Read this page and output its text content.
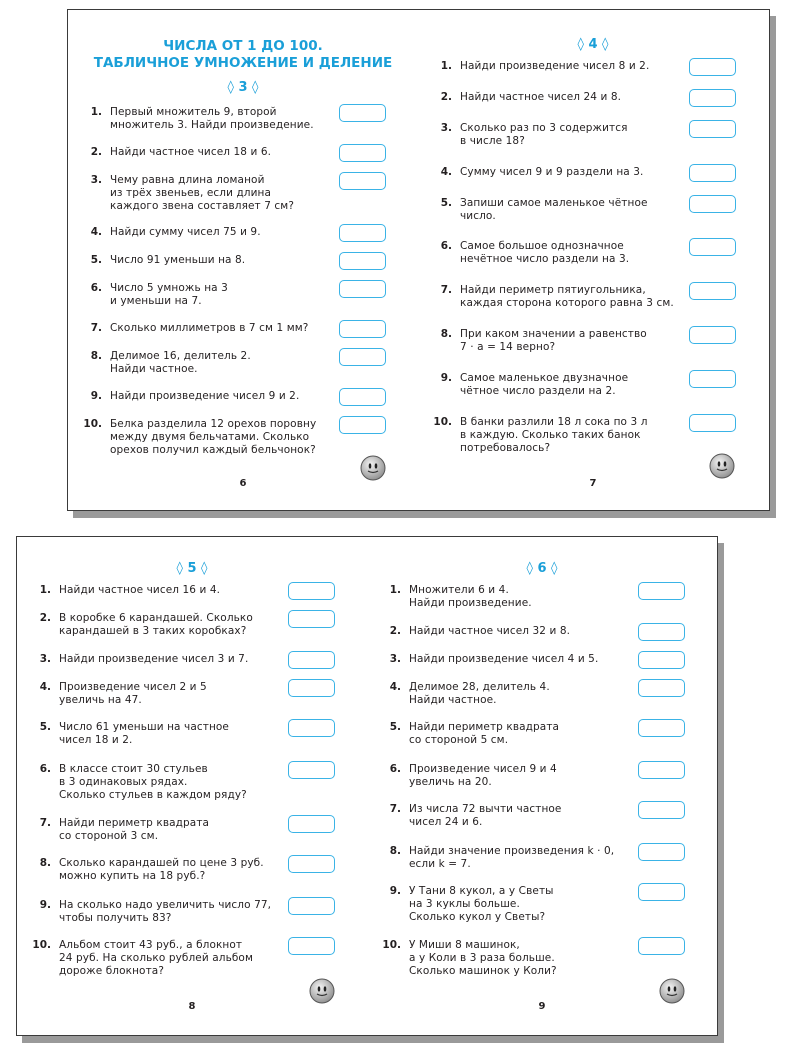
ЧИСЛА ОТ 1 ДО 100.
ТАБЛИЧНОЕ УМНОЖЕНИЕ И ДЕЛЕНИЕ
◊ 3 ◊
1. Первый множитель 9, второй
множитель 3. Найди произведение.
2. Найди частное чисел 18 и 6.
3. Чему равна длина ломаной
из трёх звеньев, если длина
каждого звена составляет 7 см?
4. Найди сумму чисел 75 и 9.
5. Число 91 уменьши на 8.
6. Число 5 умножь на 3
и уменьши на 7.
7. Сколько миллиметров в 7 см 1 мм?
8. Делимое 16, делитель 2.
Найди частное.
9. Найди произведение чисел 9 и 2.
10. Белка разделила 12 орехов поровну
между двумя бельчатами. Сколько
орехов получил каждый бельчонок?
6
◊ 4 ◊
1. Найди произведение чисел 8 и 2.
2. Найди частное чисел 24 и 8.
3. Сколько раз по 3 содержится
в числе 18?
4. Сумму чисел 9 и 9 раздели на 3.
5. Запиши самое маленькое чётное
число.
6. Самое большое однозначное
нечётное число раздели на 3.
7. Найди периметр пятиугольника,
каждая сторона которого равна 3 см.
8. При каком значении а равенство
7 · а = 14 верно?
9. Самое маленькое двузначное
чётное число раздели на 2.
10. В банки разлили 18 л сока по 3 л
в каждую. Сколько таких банок
потребовалось?
7
◊ 5 ◊
1. Найди частное чисел 16 и 4.
2. В коробке 6 карандашей. Сколько
карандашей в 3 таких коробках?
3. Найди произведение чисел 3 и 7.
4. Произведение чисел 2 и 5
увеличь на 47.
5. Число 61 уменьши на частное
чисел 18 и 2.
6. В классе стоит 30 стульев
в 3 одинаковых рядах.
Сколько стульев в каждом ряду?
7. Найди периметр квадрата
со стороной 3 см.
8. Сколько карандашей по цене 3 руб.
можно купить на 18 руб.?
9. На сколько надо увеличить число 77,
чтобы получить 83?
10. Альбом стоит 43 руб., а блокнот
24 руб. На сколько рублей альбом
дороже блокнота?
8
◊ 6 ◊
1. Множители 6 и 4.
Найди произведение.
2. Найди частное чисел 32 и 8.
3. Найди произведение чисел 4 и 5.
4. Делимое 28, делитель 4.
Найди частное.
5. Найди периметр квадрата
со стороной 5 см.
6. Произведение чисел 9 и 4
увеличь на 20.
7. Из числа 72 вычти частное
чисел 24 и 6.
8. Найди значение произведения k · 0,
если k = 7.
9. У Тани 8 кукол, а у Светы
на 3 куклы больше.
Сколько кукол у Светы?
10. У Миши 8 машинок,
а у Коли в 3 раза больше.
Сколько машинок у Коли?
9
